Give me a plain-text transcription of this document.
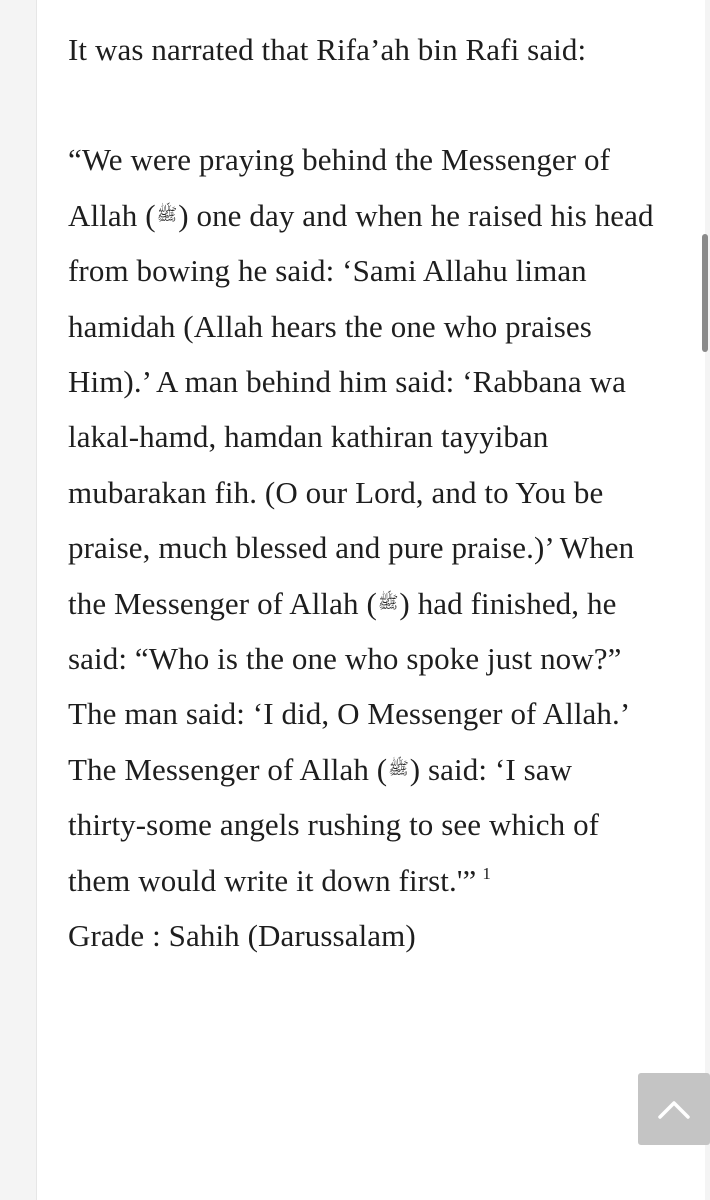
It was narrated that Rifa’ah bin Rafi said:

“We were praying behind the Messenger of Allah (ﷺ) one day and when he raised his head from bowing he said: ‘Sami Allahu liman hamidah (Allah hears the one who praises Him).’ A man behind him said: ‘Rabbana wa lakal-hamd, hamdan kathiran tayyiban mubarakan fih. (O our Lord, and to You be praise, much blessed and pure praise.)’ When the Messenger of Allah (ﷺ) had finished, he said: “Who is the one who spoke just now?” The man said: ‘I did, O Messenger of Allah.’ The Messenger of Allah (ﷺ) said: ‘I saw thirty-some angels rushing to see which of them would write it down first.'” $^1$

Grade : Sahih (Darussalam)
